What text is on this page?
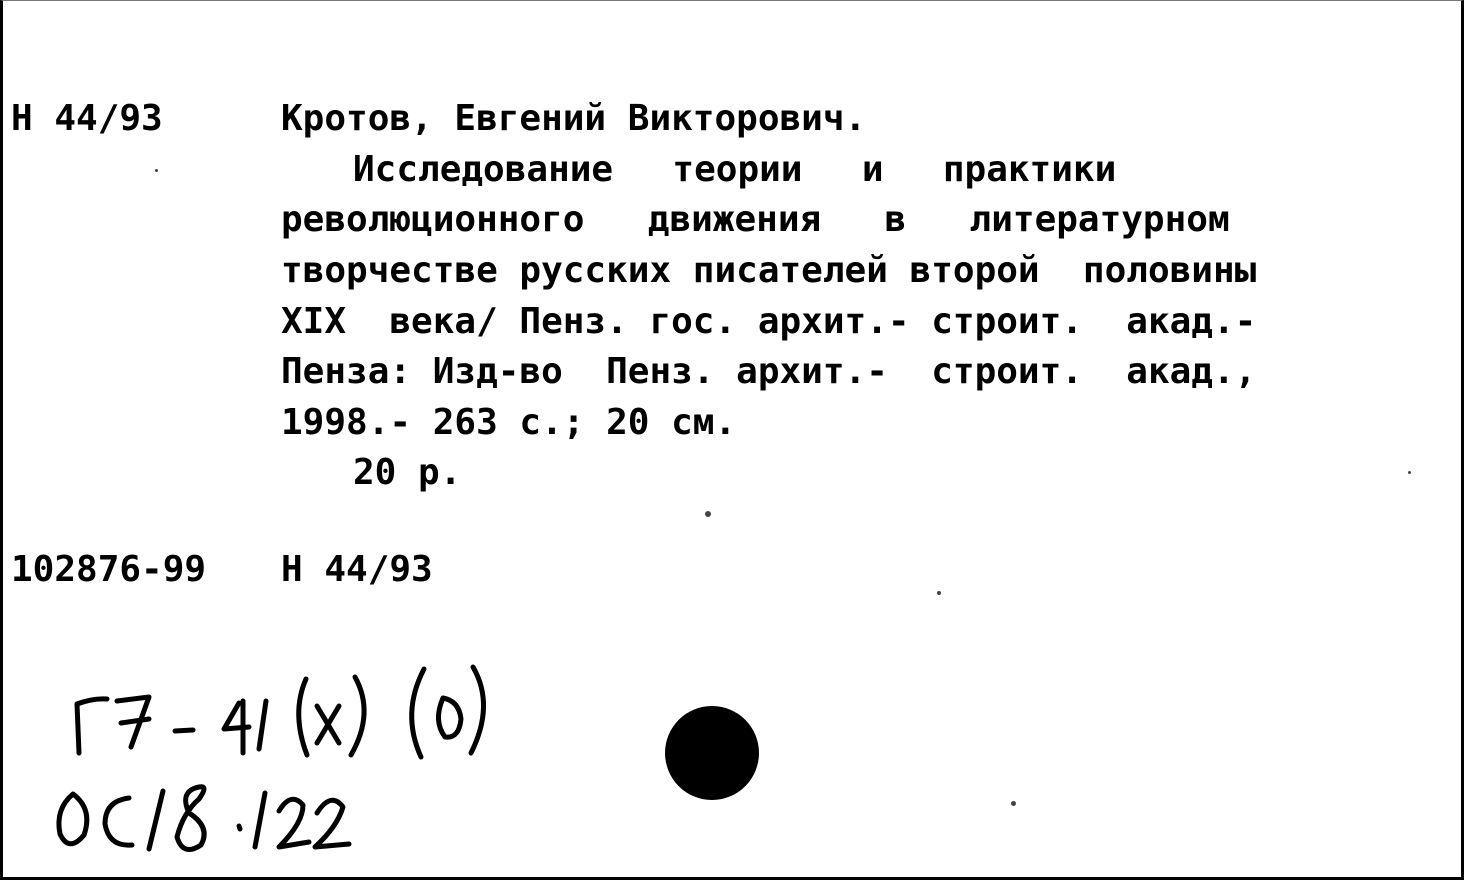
Н 44/93	Кротов, Евгений Викторович.
Исследование  теории  и  практики
революционного  движения  в  литературном
творчестве русских писателей второй  половины
XIX  века/ Пенз. гос. архит.- строит.  акад.-
Пенза: Изд-во  Пенз. архит.-  строит.  акад.,
1998.- 263 с.; 20 см.
20 р.
102876-99 Н 44/93
